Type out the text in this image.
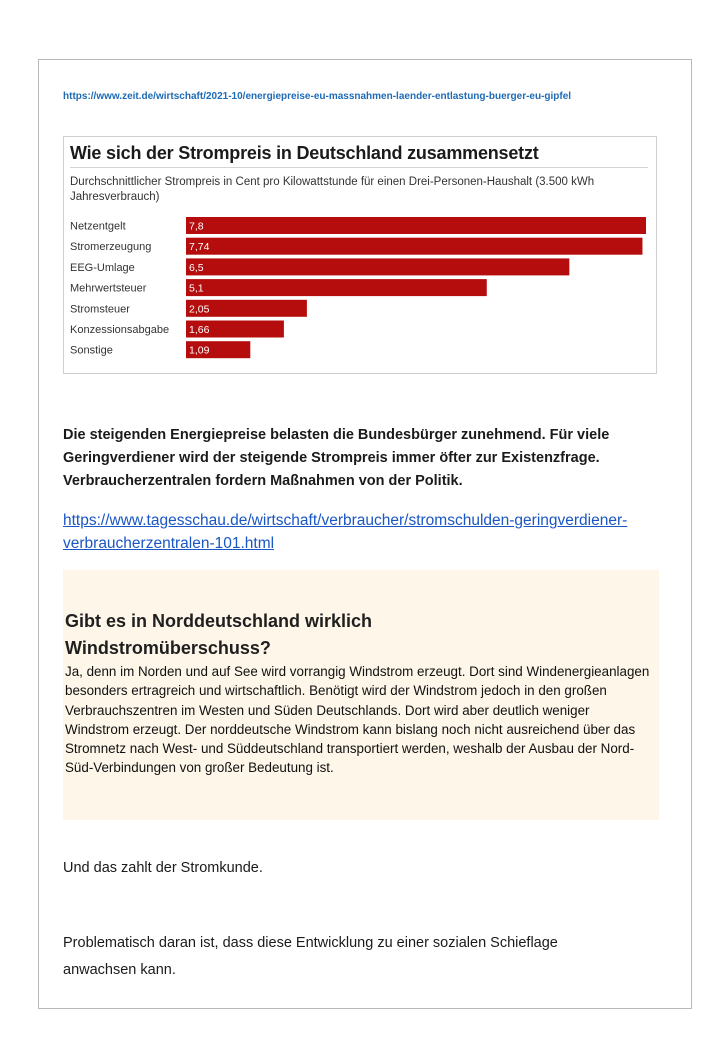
https://www.zeit.de/wirtschaft/2021-10/energiepreise-eu-massnahmen-laender-entlastung-buerger-eu-gipfel
Wie sich der Strompreis in Deutschland zusammensetzt
Durchschnittlicher Strompreis in Cent pro Kilowattstunde für einen Drei-Personen-Haushalt (3.500 kWh Jahresverbrauch)
Netzentgelt	7,8
Stromerzeugung	7,74
EEG-Umlage	6,5
Mehrwertsteuer	5,1
Stromsteuer	2,05
Konzessionsabgabe 1,66
Sonstige	1,09
Die steigenden Energiepreise belasten die Bundesbürger zunehmend. Für viele Geringverdiener wird der steigende Strompreis immer öfter zur Existenzfrage. Verbraucherzentralen fordern Maßnahmen von der Politik.
https://www.tagesschau.de/wirtschaft/verbraucher/stromschulden-geringverdiener-verbraucherzentralen-101.html
Gibt es in Norddeutschland wirklich Windstromüberschuss?
Ja, denn im Norden und auf See wird vorrangig Windstrom erzeugt. Dort sind Windenergieanlagen besonders ertragreich und wirtschaftlich. Benötigt wird der Windstrom jedoch in den großen Verbrauchszentren im Westen und Süden Deutschlands. Dort wird aber deutlich weniger Windstrom erzeugt. Der norddeutsche Windstrom kann bislang noch nicht ausreichend über das Stromnetz nach West- und Süddeutschland transportiert werden, weshalb der Ausbau der Nord-Süd-Verbindungen von großer Bedeutung ist.
Und das zahlt der Stromkunde.
Problematisch daran ist, dass diese Entwicklung zu einer sozialen Schieflage anwachsen kann.
